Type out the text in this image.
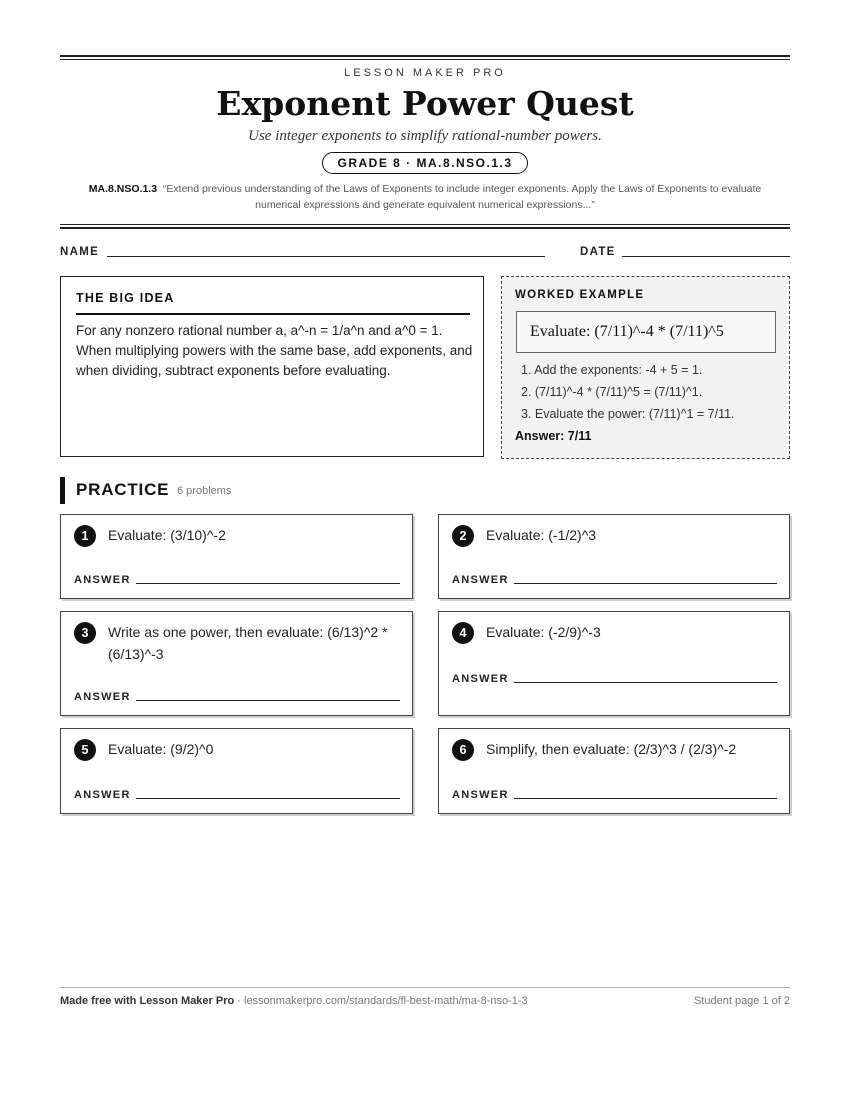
LESSON MAKER PRO
Exponent Power Quest
Use integer exponents to simplify rational-number powers.
GRADE 8 · MA.8.NSO.1.3
MA.8.NSO.1.3 “Extend previous understanding of the Laws of Exponents to include integer exponents. Apply the Laws of Exponents to evaluate numerical expressions and generate equivalent numerical expressions...”
NAME	DATE
THE BIG IDEA
For any nonzero rational number a, a^-n = 1/a^n and a^0 = 1. When multiplying powers with the same base, add exponents, and when dividing, subtract exponents before evaluating.
WORKED EXAMPLE
Evaluate: (7/11)^-4 * (7/11)^5
1. Add the exponents: -4 + 5 = 1.
2. (7/11)^-4 * (7/11)^5 = (7/11)^1.
3. Evaluate the power: (7/11)^1 = 7/11.
Answer: 7/11
PRACTICE 6 problems
1	Evaluate: (3/10)^-2
ANSWER
2	Evaluate: (-1/2)^3
ANSWER
3	Write as one power, then evaluate: (6/13)^2 * (6/13)^-3
ANSWER
4	Evaluate: (-2/9)^-3
ANSWER
5	Evaluate: (9/2)^0
ANSWER
6	Simplify, then evaluate: (2/3)^3 / (2/3)^-2
ANSWER
Made free with Lesson Maker Pro · lessonmakerpro.com/standards/fl-best-math/ma-8-nso-1-3	Student page 1 of 2
